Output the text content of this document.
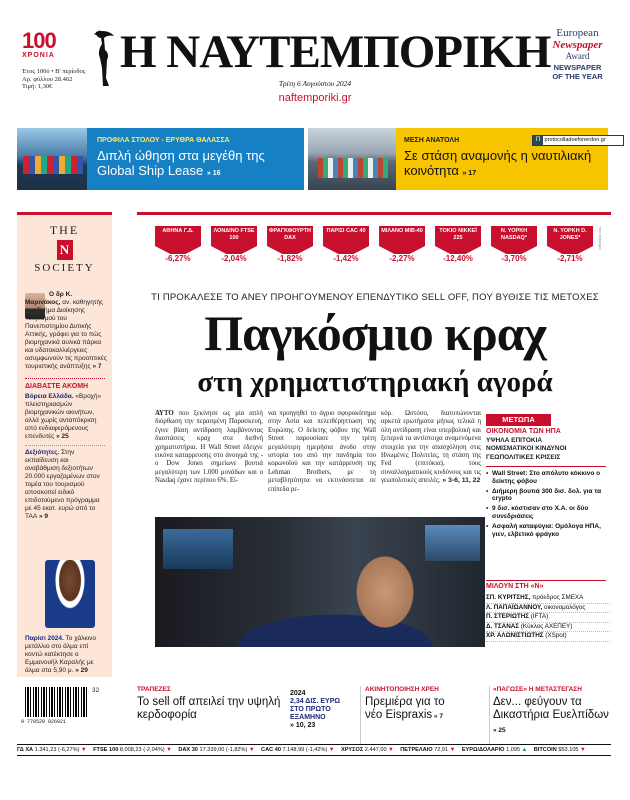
100
ΧΡΟΝΙΑ
Έτος 100ό • Β' περίοδος
Αρ. φύλλου 28.462
Τιμή: 1,30€
Η ΝΑΥΤΕΜΠΟΡΙΚΗ
Τρίτη 6 Αυγούστου 2024
naftemporiki.gr
European
Newspaper
Award
NEWSPAPER
OF THE YEAR
ΠΡΟΦΙΛΑ ΣΤΟΛΟΥ - ΕΡΥΘΡΑ ΘΑΛΑΣΣΑ
Διπλή ώθηση στα μεγέθη της Global Ship Lease » 16
ΜΕΣΗ ΑΝΑΤΟΛΗ
Σε στάση αναμονής η ναυτιλιακή κοινότητα » 17
Π protocolladoefonerdon.gr
THE
N
SOCIETY
Ο δρ Κ. Μαρινάκος, αν. καθηγητής στο Τμήμα Διοίκησης Τουρισμού του Πανεπιστημίου Δυτικής Αττικής, γράφει για το πώς βιομηχανικά αυλικά πάρκα και υδατοκαλλιέργειες ασυμφωνούν τις προοπτικές τουριστικής ανάπτυξης » 7
ΔΙΑΒΑΣΤΕ ΑΚΟΜΗ
Βόρεια Ελλάδα. «Βροχή» πλειστηριασμών βιομηχανικών ακινήτων, αλλά χωρίς ανταπόκριση από ενδιαφερόμενους επενδυτές » 25
Δεξιότητες. Στην εκπαίδευση και αναβάθμιση δεξιοτήτων 20.000 εργαζομένων στον τομέα του τουρισμού αποσκοπεί ειδικό επιδοτούμενο πρόγραμμα με 45 εκατ. ευρώ από το ΤΑΑ » 9
Παρίσι 2024. Το χάλκινο μετάλλιο στο άλμα επί κοντώ κατέκτησε ο Εμμανουήλ Καραλής με άλμα στα 5,90 μ. » 29
ΑΘΗΝΑ Γ.Δ.
-6,27%
ΛΟΝΔΙΝΟ FTSE 100
-2,04%
ΦΡΑΓΚΦΟΥΡΤΗ DAX
-1,82%
ΠΑΡΙΣΙ CAC 40
-1,42%
ΜΙΛΑΝΟ MIB-40
-2,27%
ΤΟΚΙΟ ΝΙΚΚΕΪ 225
-12,40%
Ν. ΥΟΡΚΗ NASDAQ*
-3,70%
Ν. ΥΟΡΚΗ D. JONES*
-2,71%
*στο κλείσιμο
ΤΙ ΠΡΟΚΑΛΕΣΕ ΤΟ ΑΝΕΥ ΠΡΟΗΓΟΥΜΕΝΟΥ ΕΠΕΝΔΥΤΙΚΟ SELL OFF, ΠΟΥ ΒΥΘΙΣΕ ΤΙΣ ΜΕΤΟΧΕΣ
Παγκόσμιο κραχ
στη χρηματιστηριακή αγορά
ΑΥΤΟ που ξεκίνησε ως μία απλή διόρθωση την περασμένη Παρασκευή, έγινε βίαιη αντίδραση λαμβάνοντας διαστάσεις κραχ στα διεθνή χρηματιστήρια. Η Wall Street έδειχνε εικόνα καταρρευσης στο άνοιγμά της - ο Dow Jones σημείωνε βουτιά μεγαλύτερη των 1.000 μονάδων και ο Nasdaq έχανε περίπου 6%. Εί-
ναι προηγηθεί το άγριο σφυροκόπημα στην Ασία και πελειθέρηπτωση της Ευρώπης. Ο δείκτης φόβου της Wall Street παρουσίασε την τρίτη μεγαλύτερη ημερήσια άνοδο στην ιστορία του από την πανδημία του κορωνοϊού και την κατάρρευση της Lehman Brothers, με τη μεταβλητότητα να εκτινάσσεται σε επίπεδα ρε-
κόρ. Ωστόσο, διατυπώνονται αρκετά ερωτήματα μήπως τελικά η όλη αντίδραση είναι υπερβολική και ξεπερνά τα αντίστοιχα αναμενόμενα στοιχεία για την απασχόληση στις Ηνωμένες Πολιτείες, τη στάση της Fed (επιτόκια), τους συναλλαγματικούς κινδύνους και τις γεωπολιτικές απειλές. » 3-6, 11, 22
ΜΕΤΩΠΑ
ΟΙΚΟΝΟΜΙΑ ΤΩΝ ΗΠΑ
ΥΨΗΛΑ ΕΠΙΤΟΚΙΑ
ΝΟΜΙΣΜΑΤΙΚΟΙ ΚΙΝΔΥΝΟΙ
ΓΕΩΠΟΛΙΤΙΚΕΣ ΚΡΙΣΕΙΣ
• Wall Street: Στο απόλυτο κόκκινο ο δείκτης φόβου
• Διήμερη βουτιά 300 δισ. δολ. για τα crypto
• 9 δισ. κόστισαν στο Χ.Α. οι δύο συνεδριάσεις
• Ασφαλή καταφύγια: Ομόλογα ΗΠΑ, γιεν, ελβετικό φράγκο
ΜΙΛΟΥΝ ΣΤΗ «Ν»
ΣΠ. ΚΥΡΙΤΣΗΣ, πρόεδρος ΣΜΕΧΑ
Λ. ΠΑΠΑΪΩΑΝΝΟΥ, οικονομολόγος
Π. ΣΤΕΡΙΩΤΗΣ (IFTA)
Δ. ΤΣΑΝΑΣ (Κύκλος ΑΧΕΠΕΥ)
ΧΡ. ΑΛΩΝΙΣΤΙΩΤΗΣ (XSpot)
9 770520 026021
32	ΤΡΑΠΕΖΕΣ
To sell off απειλεί την υψηλή κερδοφορία
2024
2,34 ΔΙΣ. ΕΥΡΩ ΣΤΟ ΠΡΩΤΟ ΕΞΑΜΗΝΟ
» 10, 23
ΑΚΙΝΗΤΟΠΟΙΗΣΗ ΧΡΕΗ
Πρεμιέρα για το νέο Eisprаxis » 7
«ΠΑΓΩΣΕ» Η ΜΕΤΑΣΤΕΓΑΣΗ
Δεν... φεύγουν τα Δικαστήρια Ευελπίδων » 25
ΓΔ ΧΑ 1.341,23 (-6,27%) ▼ FTSE 100 8.008,23 (-2,04%) ▼ DAX 30 17.339,00 (-1,82%) ▼ CAC 40 7.148,99 (-1,42%) ▼ ΧΡΥΣΟΣ 2.447,00 ▼ ΠΕΤΡΕΛΑΙΟ 72,91 ▼ ΕΥΡΩ/ΔΟΛΑΡΙΟ 1,095 ▲ BITCOIN $53.105 ▼
